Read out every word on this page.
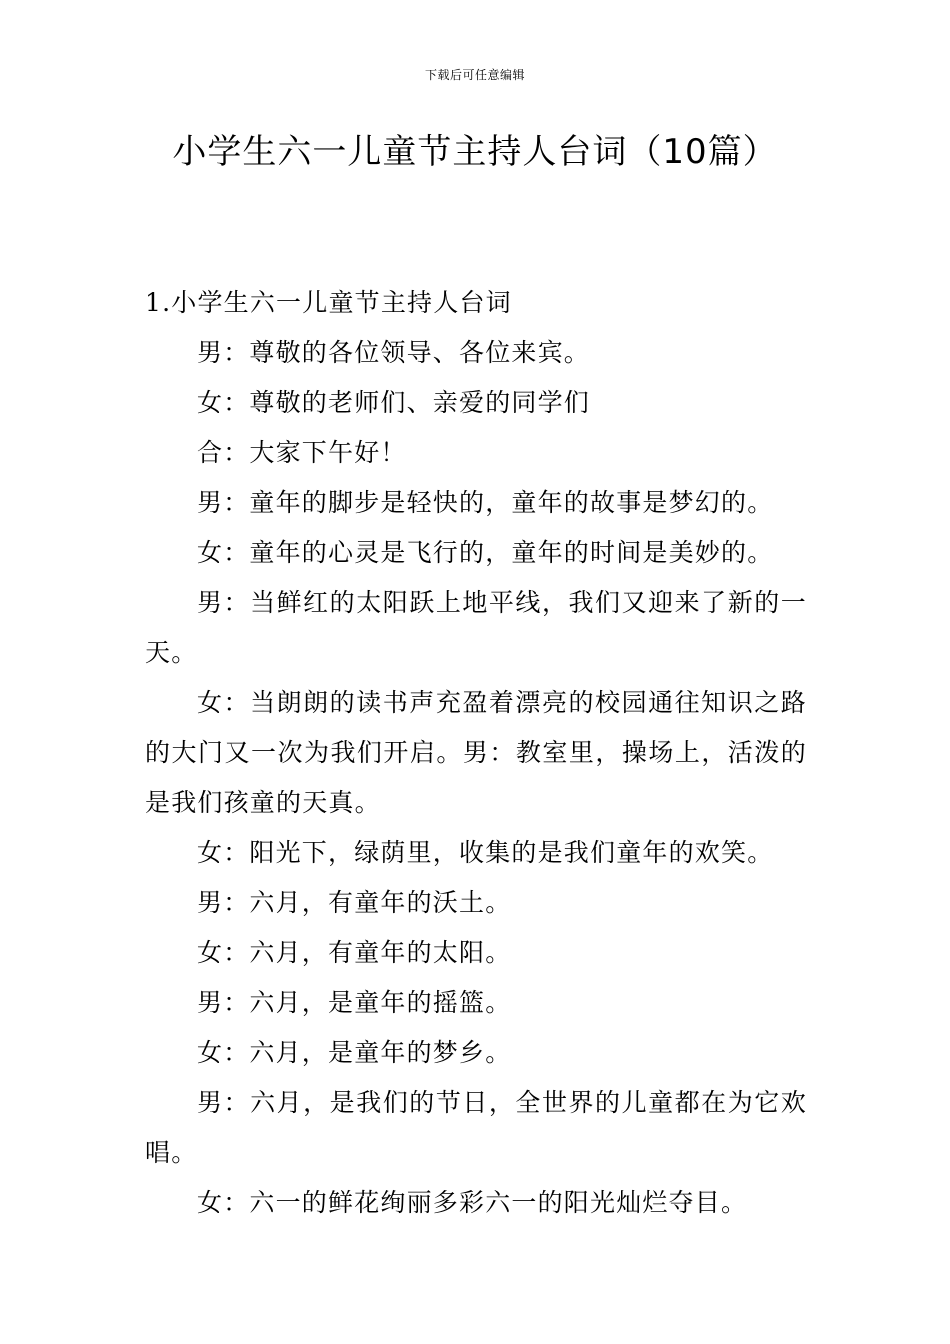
下载后可任意编辑
小学生六一儿童节主持人台词（10篇）
1.小学生六一儿童节主持人台词

男：尊敬的各位领导、各位来宾。

女：尊敬的老师们、亲爱的同学们

合：大家下午好！

男：童年的脚步是轻快的，童年的故事是梦幻的。

女：童年的心灵是飞行的，童年的时间是美妙的。

男：当鲜红的太阳跃上地平线，我们又迎来了新的一天。

女：当朗朗的读书声充盈着漂亮的校园通往知识之路的大门又一次为我们开启。男：教室里，操场上，活泼的是我们孩童的天真。

女：阳光下，绿荫里，收集的是我们童年的欢笑。

男：六月，有童年的沃土。

女：六月，有童年的太阳。

男：六月，是童年的摇篮。

女：六月，是童年的梦乡。

男：六月，是我们的节日，全世界的儿童都在为它欢唱。

女：六一的鲜花绚丽多彩六一的阳光灿烂夺目。
